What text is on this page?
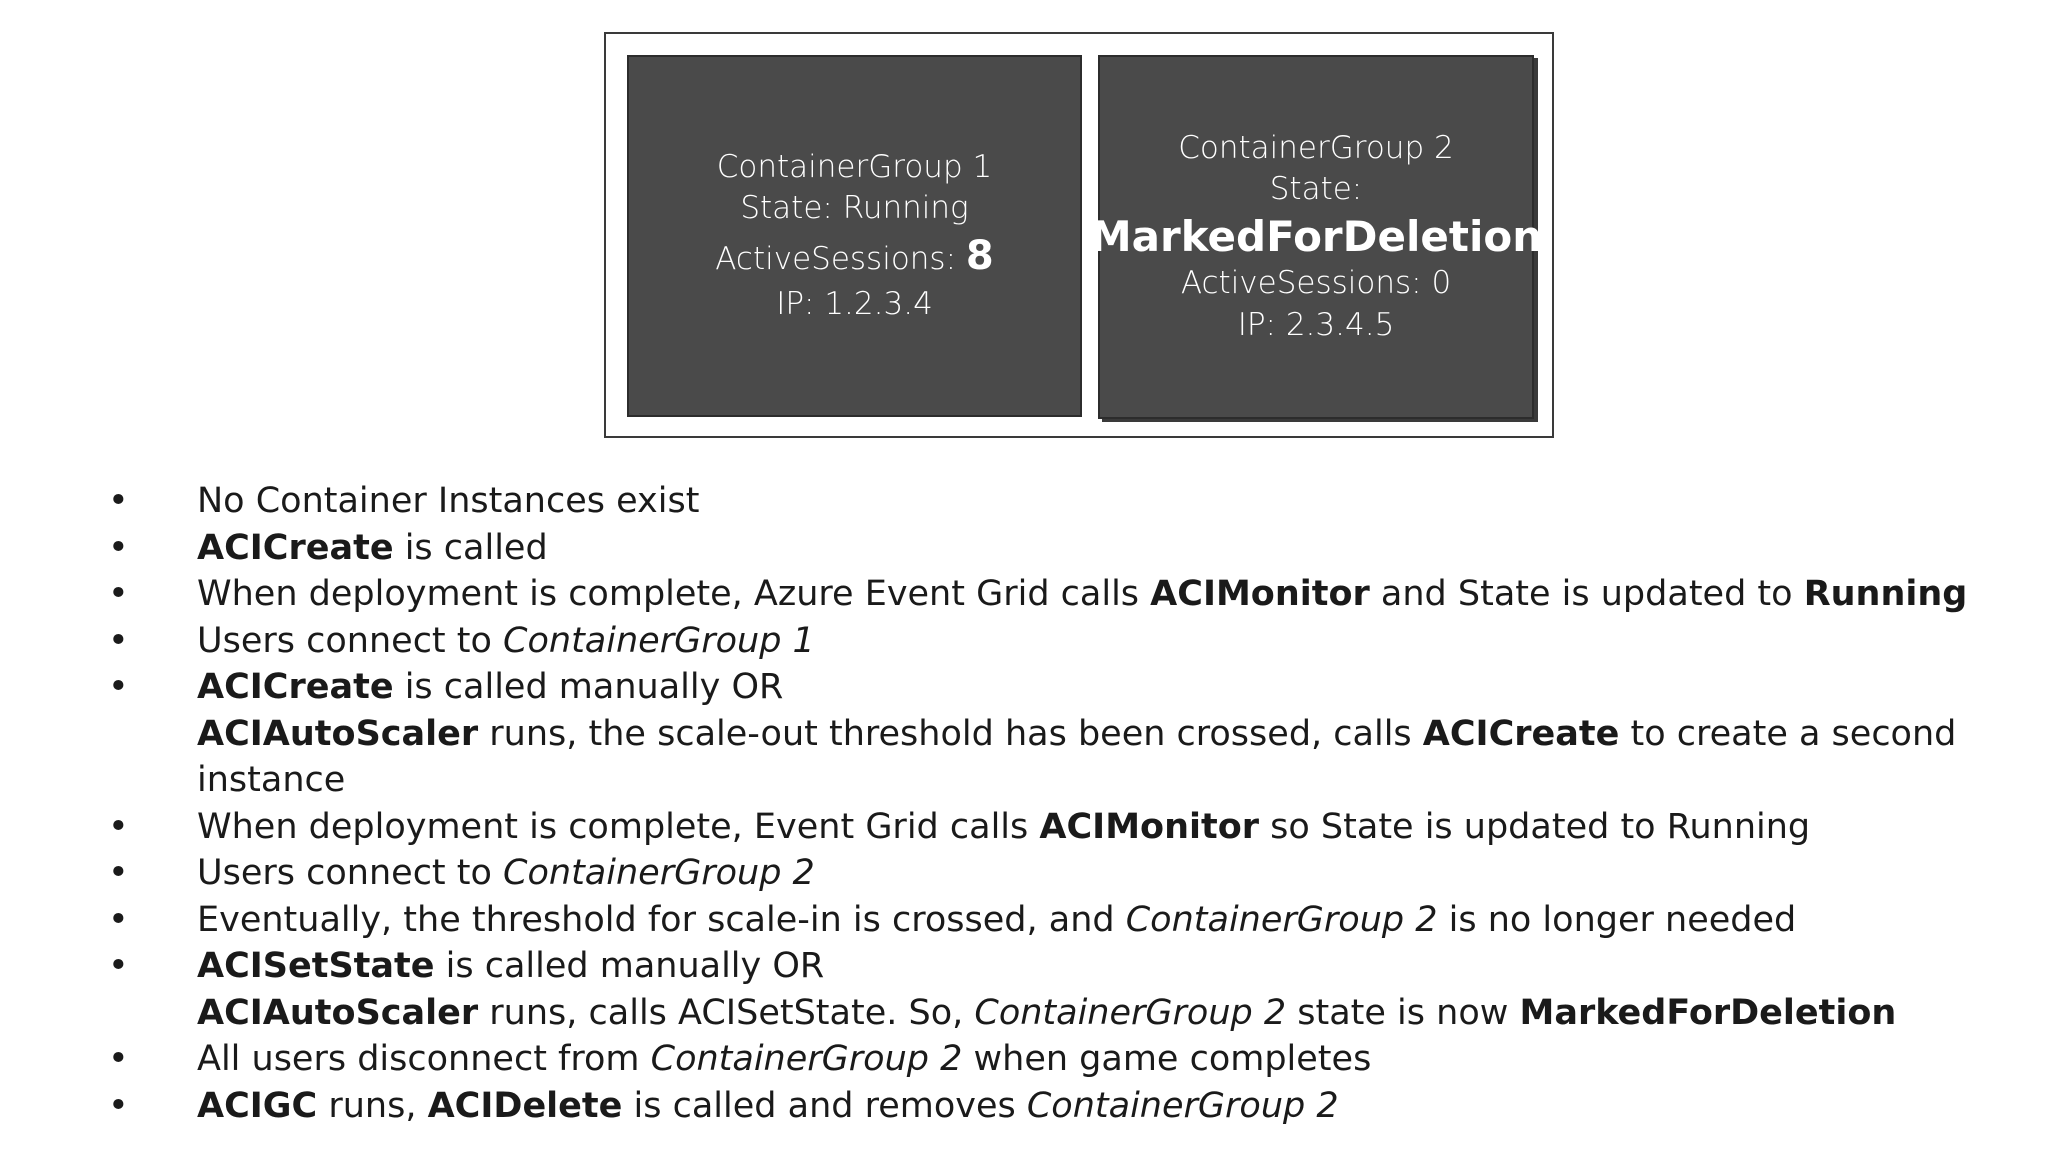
ContainerGroup 1
State: Running
ActiveSessions: 8
IP: 1.2.3.4
ContainerGroup 2
State:
MarkedForDeletion
ActiveSessions: 0
IP: 2.3.4.5
• No Container Instances exist
• ACICreate is called
• When deployment is complete, Azure Event Grid calls ACIMonitor and State is updated to Running
• Users connect to ContainerGroup 1
• ACICreate is called manually OR
ACIAutoScaler runs, the scale-out threshold has been crossed, calls ACICreate to create a second
instance
• When deployment is complete, Event Grid calls ACIMonitor so State is updated to Running
• Users connect to ContainerGroup 2
• Eventually, the threshold for scale-in is crossed, and ContainerGroup 2 is no longer needed
• ACISetState is called manually OR
ACIAutoScaler runs, calls ACISetState. So, ContainerGroup 2 state is now MarkedForDeletion
• All users disconnect from ContainerGroup 2 when game completes
• ACIGC runs, ACIDelete is called and removes ContainerGroup 2
